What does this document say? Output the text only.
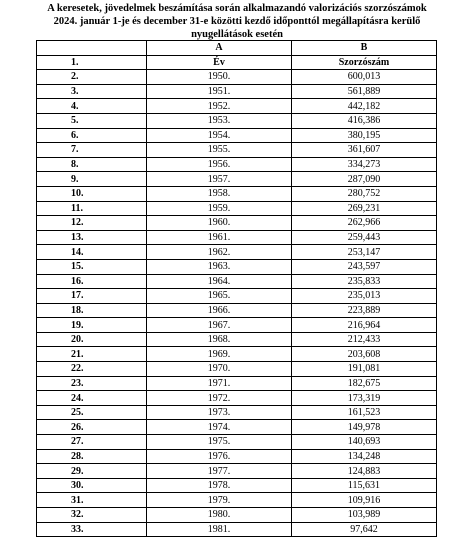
A keresetek, jövedelmek beszámítása során alkalmazandó valorizációs szorzószámok
2024. január 1-je és december 31-e közötti kezdő időponttól megállapításra kerülő
nyugellátások esetén
	A	B
1.	Év	Szorzószám
2.	1950.	600,013
3.	1951.	561,889
4.	1952.	442,182
5.	1953.	416,386
6.	1954.	380,195
7.	1955.	361,607
8.	1956.	334,273
9.	1957.	287,090
10.	1958.	280,752
11.	1959.	269,231
12.	1960.	262,966
13.	1961.	259,443
14.	1962.	253,147
15.	1963.	243,597
16.	1964.	235,833
17.	1965.	235,013
18.	1966.	223,889
19.	1967.	216,964
20.	1968.	212,433
21.	1969.	203,608
22.	1970.	191,081
23.	1971.	182,675
24.	1972.	173,319
25.	1973.	161,523
26.	1974.	149,978
27.	1975.	140,693
28.	1976.	134,248
29.	1977.	124,883
30.	1978.	115,631
31.	1979.	109,916
32.	1980.	103,989
33.	1981.	97,642
